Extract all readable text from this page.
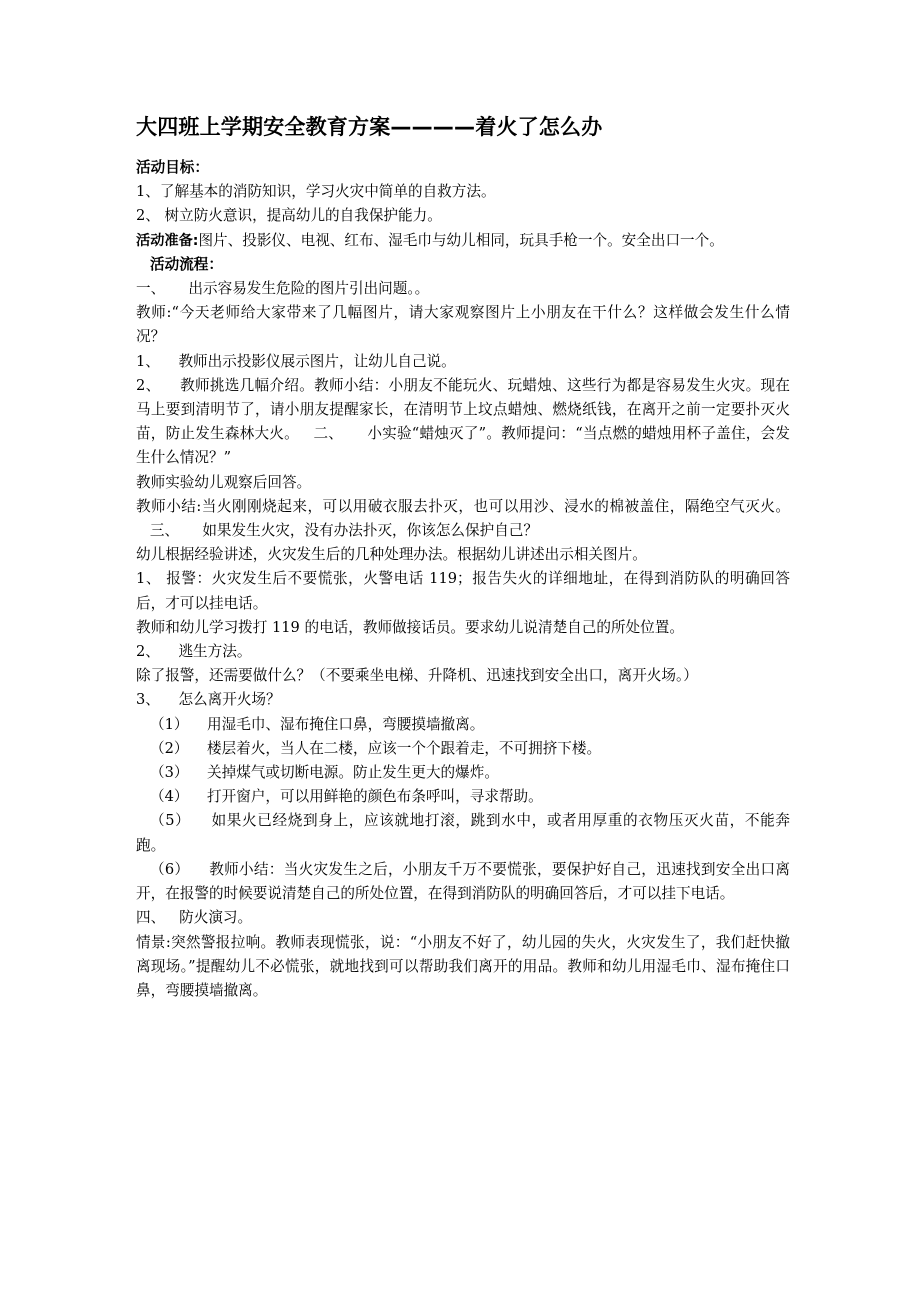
大四班上学期安全教育方案————着火了怎么办

活动目标：

1、了解基本的消防知识，学习火灾中简单的自救方法。

2、 树立防火意识，提高幼儿的自我保护能力。

活动准备:图片、投影仪、电视、红布、湿毛巾与幼儿相同，玩具手枪一个。安全出口一个。

活动流程：

一、 出示容易发生危险的图片引出问题。。

教师:“今天老师给大家带来了几幅图片，请大家观察图片上小朋友在干什么？这样做会发生什么情况？

1、 教师出示投影仪展示图片，让幼儿自己说。

2、 教师挑选几幅介绍。教师小结：小朋友不能玩火、玩蜡烛、这些行为都是容易发生火灾。现在马上要到清明节了，请小朋友提醒家长，在清明节上坟点蜡烛、燃烧纸钱，在离开之前一定要扑灭火苗，防止发生森林大火。 二、 小实验“蜡烛灭了”。教师提问：“当点燃的蜡烛用杯子盖住，会发生什么情况？”

教师实验幼儿观察后回答。

教师小结:当火刚刚烧起来，可以用破衣服去扑灭，也可以用沙、浸水的棉被盖住，隔绝空气灭火。   三、 如果发生火灾，没有办法扑灭，你该怎么保护自己？

幼儿根据经验讲述，火灾发生后的几种处理办法。根据幼儿讲述出示相关图片。

1、 报警：火灾发生后不要慌张，火警电话 119；报告失火的详细地址，在得到消防队的明确回答后，才可以挂电话。

教师和幼儿学习拨打 119 的电话，教师做接话员。要求幼儿说清楚自己的所处位置。

2、 逃生方法。

除了报警，还需要做什么？（不要乘坐电梯、升降机、迅速找到安全出口，离开火场。）

3、 怎么离开火场？

（1） 用湿毛巾、湿布掩住口鼻，弯腰摸墙撤离。

（2） 楼层着火，当人在二楼，应该一个个跟着走，不可拥挤下楼。

（3） 关掉煤气或切断电源。防止发生更大的爆炸。

（4） 打开窗户，可以用鲜艳的颜色布条呼叫，寻求帮助。

（5） 如果火已经烧到身上，应该就地打滚，跳到水中，或者用厚重的衣物压灭火苗，不能奔跑。

（6） 教师小结：当火灾发生之后，小朋友千万不要慌张，要保护好自己，迅速找到安全出口离开，在报警的时候要说清楚自己的所处位置，在得到消防队的明确回答后，才可以挂下电话。

四、 防火演习。

情景:突然警报拉响。教师表现慌张，说：“小朋友不好了，幼儿园的失火，火灾发生了，我们赶快撤离现场。”提醒幼儿不必慌张，就地找到可以帮助我们离开的用品。教师和幼儿用湿毛巾、湿布掩住口鼻，弯腰摸墙撤离。
